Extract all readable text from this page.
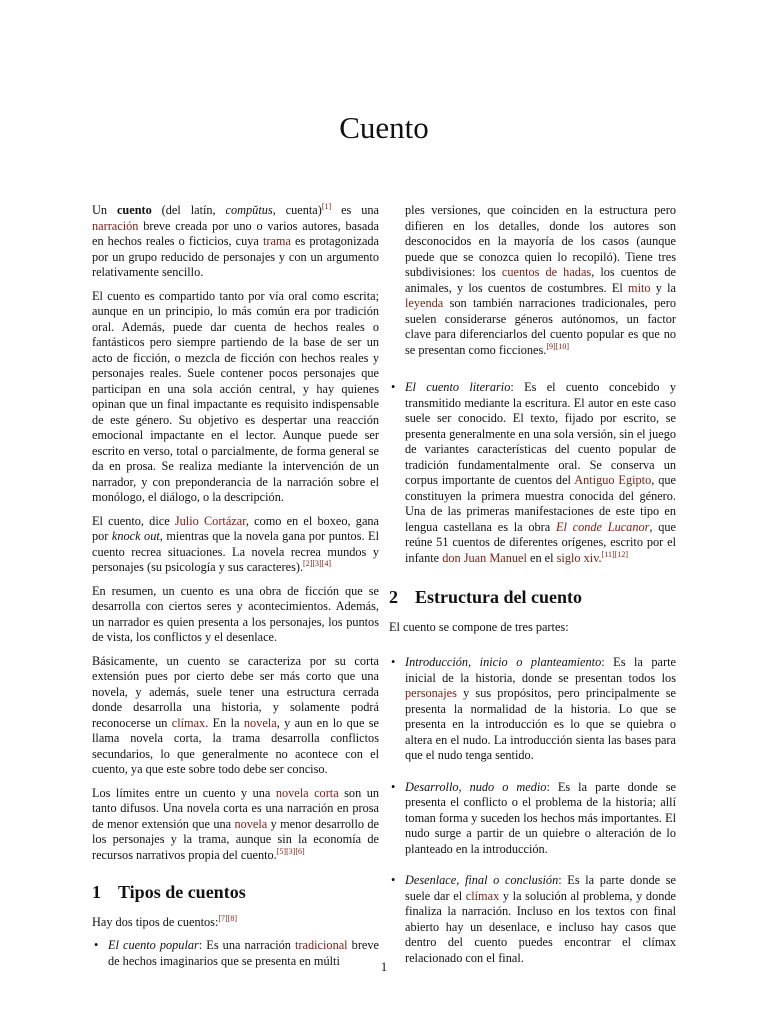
Cuento

Un cuento (del latín, compŭtus, cuenta)[1] es una narración breve creada por uno o varios autores, basada en hechos reales o ficticios, cuya trama es protagonizada por un grupo reducido de personajes y con un argumento relativamente sencillo.

El cuento es compartido tanto por vía oral como escrita; aunque en un principio, lo más común era por tradición oral. Además, puede dar cuenta de hechos reales o fantásticos pero siempre partiendo de la base de ser un acto de ficción, o mezcla de ficción con hechos reales y personajes reales. Suele contener pocos personajes que participan en una sola acción central, y hay quienes opinan que un final impactante es requisito indispensable de este género. Su objetivo es despertar una reacción emocional impactante en el lector. Aunque puede ser escrito en verso, total o parcialmente, de forma general se da en prosa. Se realiza mediante la intervención de un narrador, y con preponderancia de la narración sobre el monólogo, el diálogo, o la descripción.

El cuento, dice Julio Cortázar, como en el boxeo, gana por knock out, mientras que la novela gana por puntos. El cuento recrea situaciones. La novela recrea mundos y personajes (su psicología y sus caracteres).[2][3][4]

En resumen, un cuento es una obra de ficción que se desarrolla con ciertos seres y acontecimientos. Además, un narrador es quien presenta a los personajes, los puntos de vista, los conflictos y el desenlace.

Básicamente, un cuento se caracteriza por su corta extensión pues por cierto debe ser más corto que una novela, y además, suele tener una estructura cerrada donde desarrolla una historia, y solamente podrá reconocerse un clímax. En la novela, y aun en lo que se llama novela corta, la trama desarrolla conflictos secundarios, lo que generalmente no acontece con el cuento, ya que este sobre todo debe ser conciso.

Los límites entre un cuento y una novela corta son un tanto difusos. Una novela corta es una narración en prosa de menor extensión que una novela y menor desarrollo de los personajes y la trama, aunque sin la economía de recursos narrativos propia del cuento.[5][3][6]

1 Tipos de cuentos

Hay dos tipos de cuentos:[7][8]

• El cuento popular: Es una narración tradicional breve de hechos imaginarios que se presenta en múlti
ples versiones, que coinciden en la estructura pero difieren en los detalles, donde los autores son desconocidos en la mayoría de los casos (aunque puede que se conozca quien lo recopiló). Tiene tres subdivisiones: los cuentos de hadas, los cuentos de animales, y los cuentos de costumbres. El mito y la leyenda son también narraciones tradicionales, pero suelen considerarse géneros autónomos, un factor clave para diferenciarlos del cuento popular es que no se presentan como ficciones.[9][10]
• El cuento literario: Es el cuento concebido y transmitido mediante la escritura. El autor en este caso suele ser conocido. El texto, fijado por escrito, se presenta generalmente en una sola versión, sin el juego de variantes características del cuento popular de tradición fundamentalmente oral. Se conserva un corpus importante de cuentos del Antiguo Egipto, que constituyen la primera muestra conocida del género. Una de las primeras manifestaciones de este tipo en lengua castellana es la obra El conde Lucanor, que reúne 51 cuentos de diferentes orígenes, escrito por el infante don Juan Manuel en el siglo xiv.[11][12]
2 Estructura del cuento

El cuento se compone de tres partes:

• Introducción, inicio o planteamiento: Es la parte inicial de la historia, donde se presentan todos los personajes y sus propósitos, pero principalmente se presenta la normalidad de la historia. Lo que se presenta en la introducción es lo que se quiebra o altera en el nudo. La introducción sienta las bases para que el nudo tenga sentido.
• Desarrollo, nudo o medio: Es la parte donde se presenta el conflicto o el problema de la historia; allí toman forma y suceden los hechos más importantes. El nudo surge a partir de un quiebre o alteración de lo planteado en la introducción.
• Desenlace, final o conclusión: Es la parte donde se suele dar el clímax y la solución al problema, y donde finaliza la narración. Incluso en los textos con final abierto hay un desenlace, e incluso hay casos que dentro del cuento puedes encontrar el clímax relacionado con el final.
1
